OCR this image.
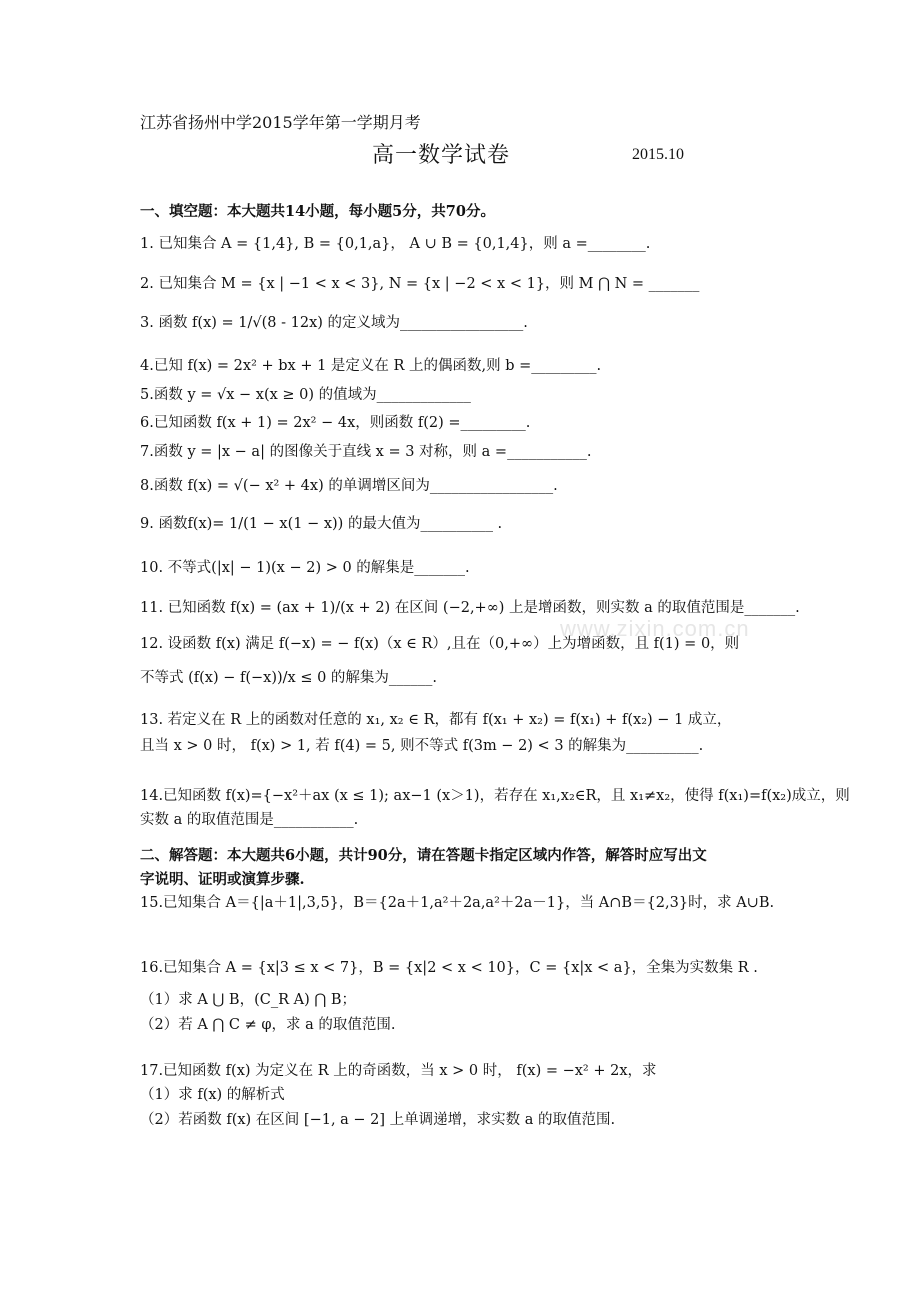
江苏省扬州中学2015学年第一学期月考
高一数学试卷	2015.10
一、填空题：本大题共14小题，每小题5分，共70分。
1. 已知集合 A = {1,4}, B = {0,1,a}， A ∪ B = {0,1,4}，则 a =________.
2. 已知集合 M = {x | −1 < x < 3}, N = {x | −2 < x < 1}，则 M ⋂ N = _______
3. 函数 f(x) = 1/√(8 - 12x) 的定义域为_________________.
4.已知 f(x) = 2x² + bx + 1 是定义在 R 上的偶函数,则 b =_________.
5.函数 y = √x − x(x ≥ 0) 的值域为_____________
6.已知函数 f(x + 1) = 2x² − 4x，则函数 f(2) =_________.
7.函数 y = |x − a| 的图像关于直线 x = 3 对称，则 a =___________.
8.函数 f(x) = √(− x² + 4x) 的单调增区间为_________________.
9. 函数f(x)= 1/(1 − x(1 − x)) 的最大值为__________ .
10. 不等式(|x| − 1)(x − 2) > 0 的解集是_______.
11. 已知函数 f(x) = (ax + 1)/(x + 2) 在区间 (−2,+∞) 上是增函数，则实数 a 的取值范围是_______.
12. 设函数 f(x) 满足 f(−x) = − f(x)（x ∈ R）,且在（0,+∞）上为增函数，且 f(1) = 0，则
不等式 (f(x) − f(−x))/x ≤ 0 的解集为______.
13. 若定义在 R 上的函数对任意的 x₁, x₂ ∈ R，都有 f(x₁ + x₂) = f(x₁) + f(x₂) − 1 成立，
且当 x > 0 时， f(x) > 1, 若 f(4) = 5, 则不等式 f(3m − 2) < 3 的解集为__________.
14.已知函数 f(x)={−x²＋ax (x ≤ 1); ax−1 (x＞1)，若存在 x₁,x₂∈R，且 x₁≠x₂，使得 f(x₁)=f(x₂)成立，则
实数 a 的取值范围是___________.
二、解答题：本大题共6小题，共计90分，请在答题卡指定区域内作答，解答时应写出文
字说明、证明或演算步骤.
15.已知集合 A＝{|a＋1|,3,5}，B＝{2a＋1,a²＋2a,a²＋2a－1}，当 A∩B＝{2,3}时，求 A∪B.
16.已知集合 A = {x|3 ≤ x < 7}，B = {x|2 < x < 10}，C = {x|x < a}，全集为实数集 R .
（1）求 A ⋃ B，(C_R A) ⋂ B；
（2）若 A ⋂ C ≠ φ，求 a 的取值范围.
17.已知函数 f(x) 为定义在 R 上的奇函数，当 x > 0 时， f(x) = −x² + 2x，求
（1）求 f(x) 的解析式
（2）若函数 f(x) 在区间 [−1, a − 2] 上单调递增，求实数 a 的取值范围.
www.zixin.com.cn
